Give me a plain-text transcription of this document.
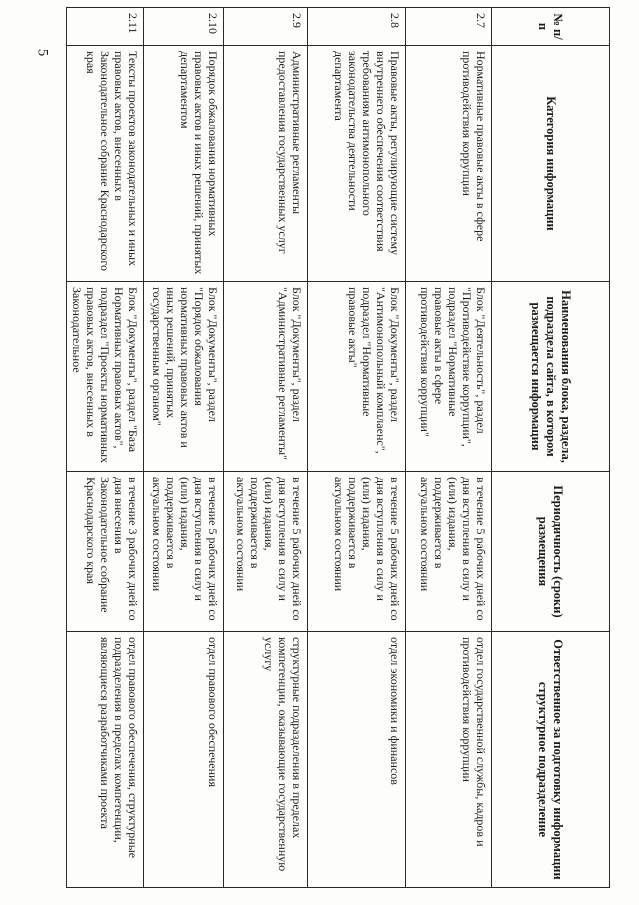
5
№ п/п	Категория информации	Наименования блока, раздела, подраздела сайта, в котором размещается информация	Периодичность (сроки) размещения	Ответственное за подготовку информации структурное подразделение
2.7	Нормативные правовые акты в сфере противодействия коррупции	Блок "Деятельность", раздел "Противодействие коррупции", подраздел "Нормативные правовые акты в сфере противодействия коррупции"	в течение 5 рабочих дней со дня вступления в силу и (или) издания, поддерживается в актуальном состоянии	отдел государственной службы, кадров и противодействия коррупции
2.8	Правовые акты, регулирующие систему внутреннего обеспечения соответствия требованиям антимонопольного законодательства деятельности департамента	Блок "Документы", раздел "Антимонопольный комплаенс", подраздел "Нормативные правовые акты"	в течение 5 рабочих дней со дня вступления в силу и (или) издания, поддерживается в актуальном состоянии	отдел экономики и финансов
2.9	Административные регламенты предоставления государственных услуг	Блок "Документы", раздел "Административные регламенты"	в течение 5 рабочих дней со дня вступления в силу и (или) издания, поддерживается в актуальном состоянии	структурные подразделения в пределах компетенции, оказывающие государственную услугу
2.10	Порядок обжалования нормативных правовых актов и иных решений, принятых департаментом	Блок "Документы", раздел "Порядок обжалования нормативных правовых актов и иных решений, принятых государственным органом"	в течение 5 рабочих дней со дня вступления в силу и (или) издания, поддерживается в актуальном состоянии	отдел правового обеспечения
2.11	Тексты проектов законодательных и иных правовых актов, внесенных в Законодательное собрание Краснодарского края	Блок "Документы", раздел "База Нормативных правовых актов", подраздел "Проекты нормативных правовых актов, внесенных в Законодательное	в течение 3 рабочих дней со дня внесения в Законодательное собрание Краснодарского края	отдел правового обеспечения, структурные подразделения в пределах компетенции, являющиеся разработчиками проекта
